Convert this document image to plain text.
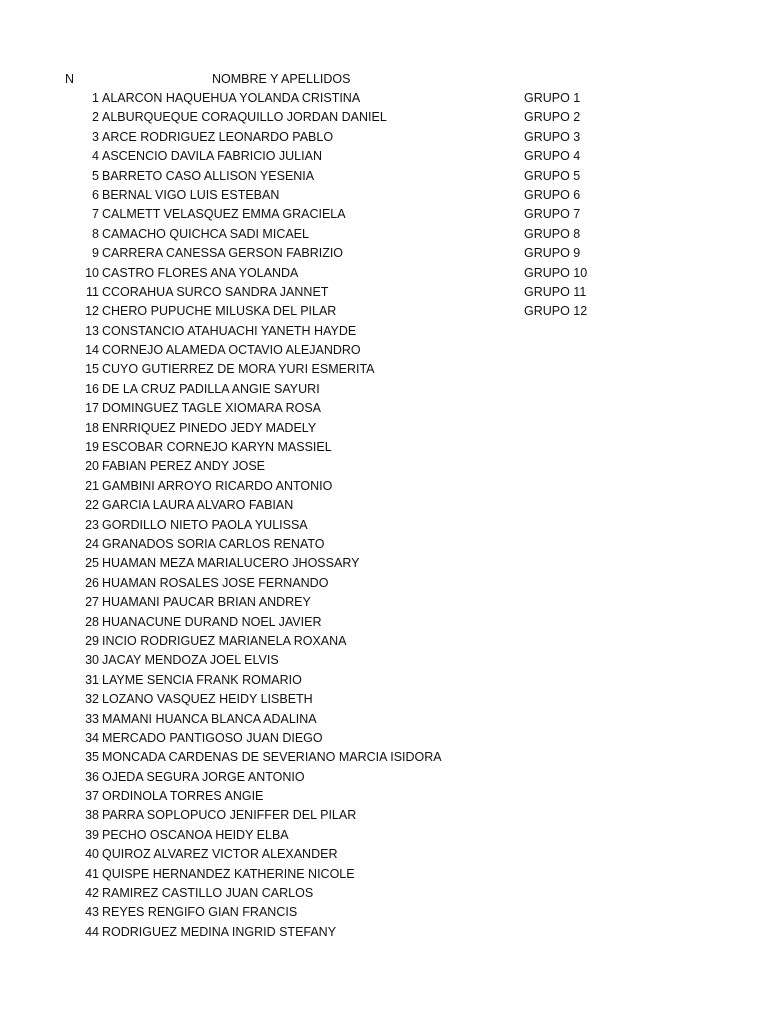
N	NOMBRE Y APELLIDOS
1 ALARCON HAQUEHUA YOLANDA CRISTINA	GRUPO 1
2 ALBURQUEQUE CORAQUILLO JORDAN DANIEL	GRUPO 2
3 ARCE RODRIGUEZ LEONARDO PABLO	GRUPO 3
4 ASCENCIO DAVILA FABRICIO JULIAN	GRUPO 4
5 BARRETO CASO ALLISON YESENIA	GRUPO 5
6 BERNAL VIGO LUIS ESTEBAN	GRUPO 6
7 CALMETT VELASQUEZ EMMA GRACIELA	GRUPO 7
8 CAMACHO QUICHCA SADI MICAEL	GRUPO 8
9 CARRERA CANESSA GERSON FABRIZIO	GRUPO 9
10 CASTRO FLORES ANA YOLANDA	GRUPO 10
11 CCORAHUA SURCO SANDRA JANNET	GRUPO 11
12 CHERO PUPUCHE MILUSKA DEL PILAR	GRUPO 12
13 CONSTANCIO ATAHUACHI YANETH HAYDE
14 CORNEJO ALAMEDA OCTAVIO ALEJANDRO
15 CUYO GUTIERREZ DE MORA YURI ESMERITA
16 DE LA CRUZ PADILLA ANGIE SAYURI
17 DOMINGUEZ TAGLE XIOMARA ROSA
18 ENRRIQUEZ PINEDO JEDY MADELY
19 ESCOBAR CORNEJO KARYN MASSIEL
20 FABIAN PEREZ ANDY JOSE
21 GAMBINI ARROYO RICARDO ANTONIO
22 GARCIA LAURA ALVARO FABIAN
23 GORDILLO NIETO PAOLA YULISSA
24 GRANADOS SORIA CARLOS RENATO
25 HUAMAN MEZA MARIALUCERO JHOSSARY
26 HUAMAN ROSALES JOSE FERNANDO
27 HUAMANI PAUCAR BRIAN ANDREY
28 HUANACUNE DURAND NOEL JAVIER
29 INCIO RODRIGUEZ MARIANELA ROXANA
30 JACAY MENDOZA JOEL ELVIS
31 LAYME SENCIA FRANK ROMARIO
32 LOZANO VASQUEZ HEIDY LISBETH
33 MAMANI HUANCA BLANCA ADALINA
34 MERCADO PANTIGOSO JUAN DIEGO
35 MONCADA CARDENAS DE SEVERIANO MARCIA ISIDORA
36 OJEDA SEGURA JORGE ANTONIO
37 ORDINOLA TORRES ANGIE
38 PARRA SOPLOPUCO JENIFFER DEL PILAR
39 PECHO OSCANOA HEIDY ELBA
40 QUIROZ ALVAREZ VICTOR ALEXANDER
41 QUISPE HERNANDEZ KATHERINE NICOLE
42 RAMIREZ CASTILLO JUAN CARLOS
43 REYES RENGIFO GIAN FRANCIS
44 RODRIGUEZ MEDINA INGRID STEFANY
